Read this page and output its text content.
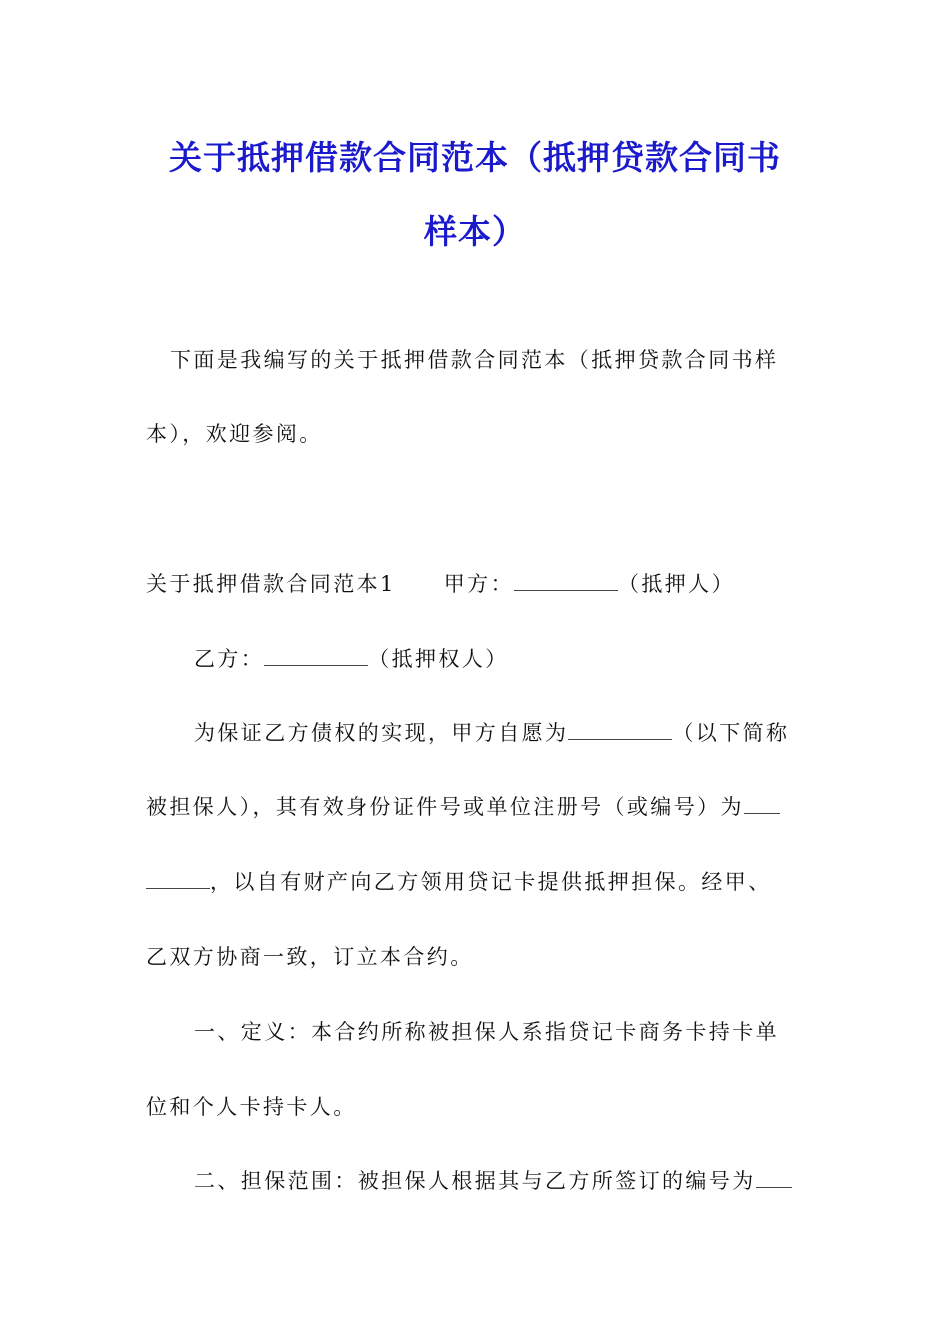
关于抵押借款合同范本（抵押贷款合同书
样本）
下面是我编写的关于抵押借款合同范本（抵押贷款合同书样
本），欢迎参阅。
关于抵押借款合同范本1 甲方：	（抵押人）
乙方：	（抵押权人）
为保证乙方债权的实现，甲方自愿为	（以下简称
被担保人），其有效身份证件号或单位注册号（或编号）为
，以自有财产向乙方领用贷记卡提供抵押担保。经甲、
乙双方协商一致，订立本合约。
一、定义：本合约所称被担保人系指贷记卡商务卡持卡单
位和个人卡持卡人。
二、担保范围：被担保人根据其与乙方所签订的编号为
